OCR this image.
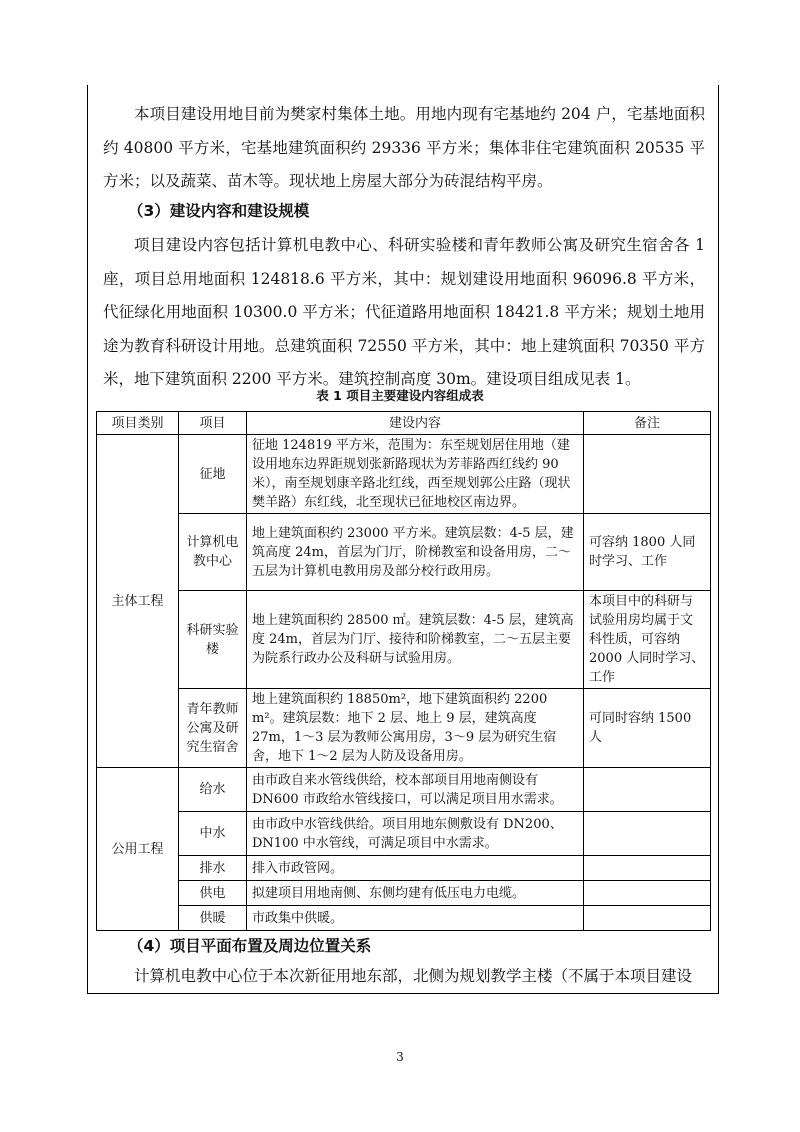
本项目建设用地目前为樊家村集体土地。用地内现有宅基地约 204 户，宅基地面积约 40800 平方米，宅基地建筑面积约 29336 平方米；集体非住宅建筑面积 20535 平方米；以及蔬菜、苗木等。现状地上房屋大部分为砖混结构平房。

（3）建设内容和建设规模

项目建设内容包括计算机电教中心、科研实验楼和青年教师公寓及研究生宿舍各 1 座，项目总用地面积 124818.6 平方米，其中：规划建设用地面积 96096.8 平方米，代征绿化用地面积 10300.0 平方米；代征道路用地面积 18421.8 平方米；规划土地用途为教育科研设计用地。总建筑面积 72550 平方米，其中：地上建筑面积 70350 平方米，地下建筑面积 2200 平方米。建筑控制高度 30m。建设项目组成见表 1。

表 1 项目主要建设内容组成表
项目类别	项目	建设内容	备注
主体工程	征地	征地 124819 平方米，范围为：东至规划居住用地（建设用地东边界距规划张新路现状为芳菲路西红线约 90 米），南至规划康辛路北红线，西至规划郭公庄路（现状樊羊路）东红线，北至现状已征地校区南边界。	
	计算机电教中心	地上建筑面积约 23000 平方米。建筑层数：4-5 层，建筑高度 24m，首层为门厅，阶梯教室和设备用房，二～五层为计算机电教用房及部分校行政用房。	可容纳 1800 人同时学习、工作
	科研实验楼	地上建筑面积约 28500 ㎡。建筑层数：4-5 层，建筑高度 24m，首层为门厅、接待和阶梯教室，二～五层主要为院系行政办公及科研与试验用房。	本项目中的科研与试验用房均属于文科性质，可容纳 2000 人同时学习、工作
	青年教师公寓及研究生宿舍	地上建筑面积约 18850m²，地下建筑面积约 2200 m²。建筑层数：地下 2 层、地上 9 层，建筑高度 27m，1～3 层为教师公寓用房，3～9 层为研究生宿舍，地下 1～2 层为人防及设备用房。	可同时容纳 1500 人
公用工程	给水	由市政自来水管线供给，校本部项目用地南侧设有 DN600 市政给水管线接口，可以满足项目用水需求。	
	中水	由市政中水管线供给。项目用地东侧敷设有 DN200、DN100 中水管线，可满足项目中水需求。	
	排水	排入市政管网。	
	供电	拟建项目用地南侧、东侧均建有低压电力电缆。	
	供暖	市政集中供暖。	

（4）项目平面布置及周边位置关系

计算机电教中心位于本次新征用地东部，北侧为规划教学主楼（不属于本项目建设

3
